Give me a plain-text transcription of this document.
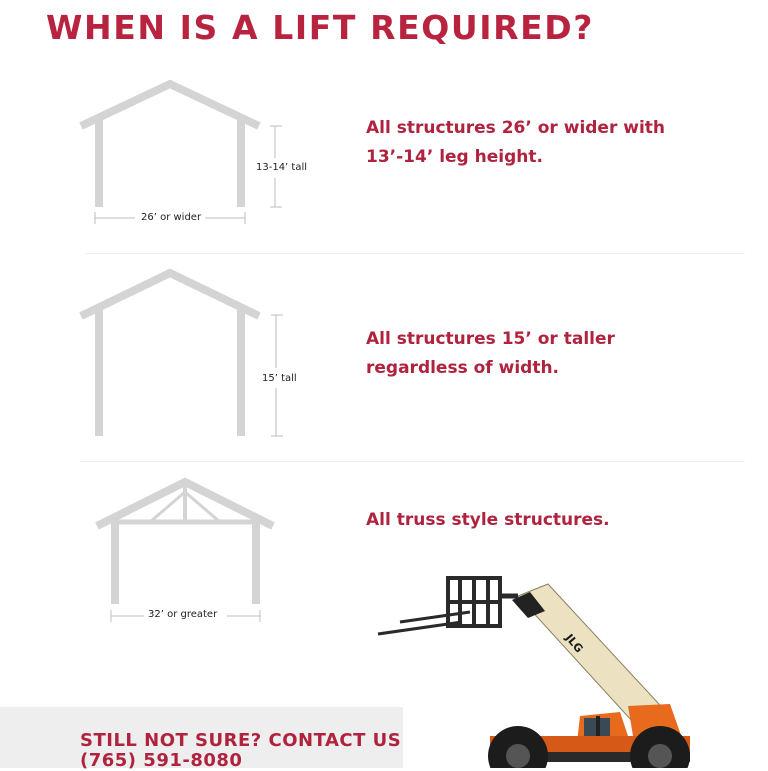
WHEN IS A LIFT REQUIRED?
13-14’ tall
26’ or wider

All structures 26’ or wider with
13’-14’ leg height.

15’ tall

All structures 15’ or taller
regardless of width.

32’ or greater

All truss style structures.

JLG

STILL NOT SURE? CONTACT US

(765) 591-8080
